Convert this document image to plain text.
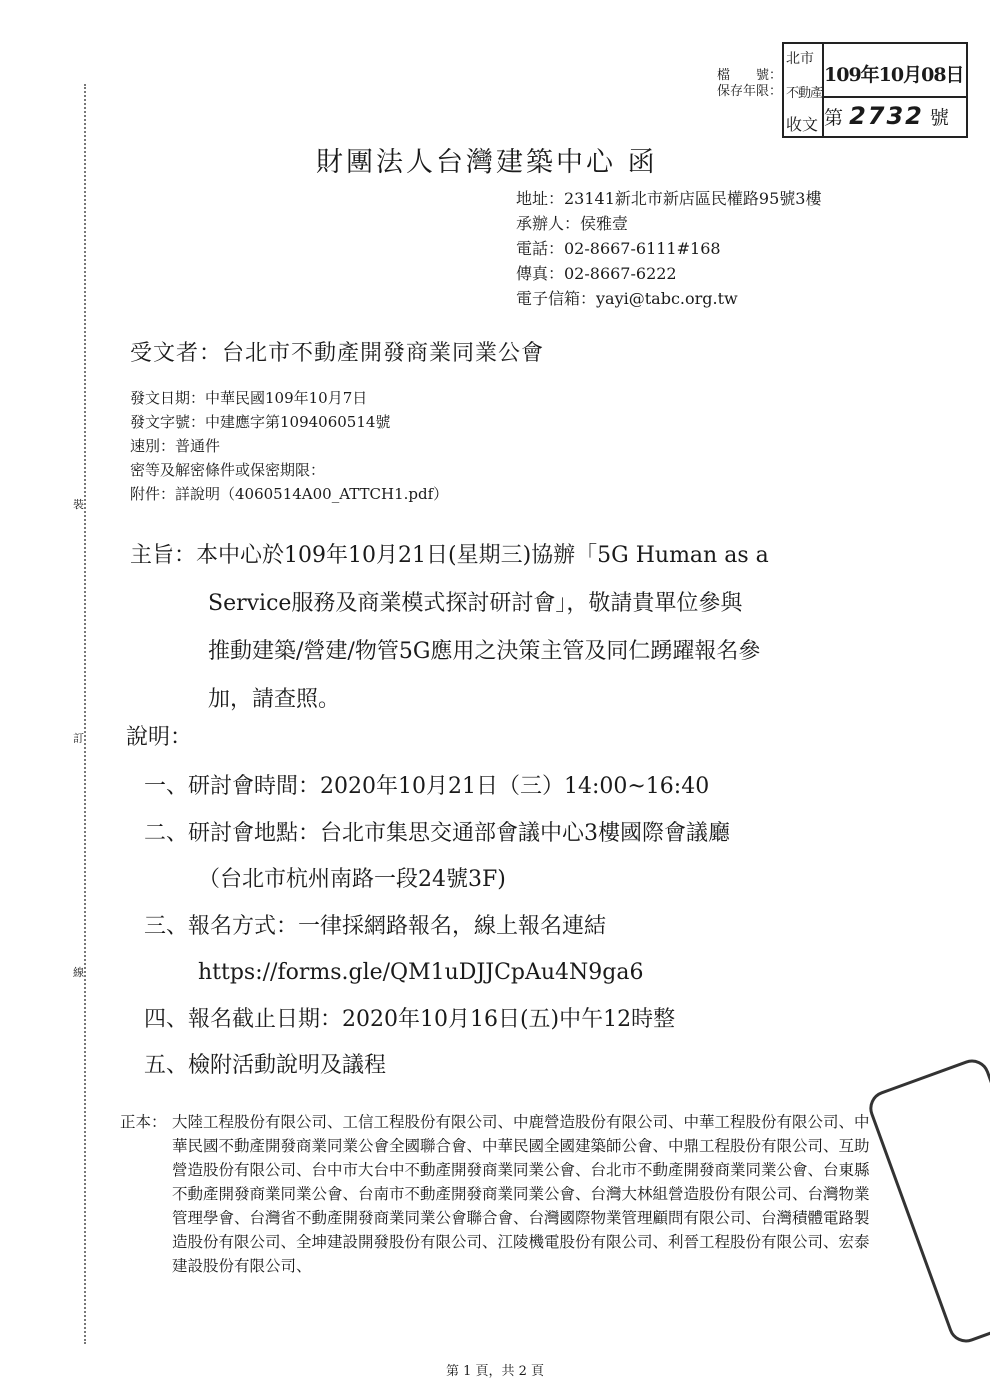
裝
訂
線
檔　　號：
保存年限：
北市
不動產
收文
109年10月08日
第 2732 號
財團法人台灣建築中心 函
地址：23141新北市新店區民權路95號3樓
承辦人：侯雅壹
電話：02-8667-6111#168
傳真：02-8667-6222
電子信箱：yayi@tabc.org.tw
受文者：台北市不動產開發商業同業公會
發文日期：中華民國109年10月7日
發文字號：中建應字第1094060514號
速別：普通件
密等及解密條件或保密期限：
附件：詳說明（4060514A00_ATTCH1.pdf）
主旨：本中心於109年10月21日(星期三)協辦「5G Human as a
Service服務及商業模式探討研討會」，敬請貴單位參與
推動建築/營建/物管5G應用之決策主管及同仁踴躍報名參
加，請查照。
說明：
一、研討會時間：2020年10月21日（三）14:00~16:40
二、研討會地點：台北市集思交通部會議中心3樓國際會議廳
（台北市杭州南路一段24號3F)
三、報名方式：一律採網路報名，線上報名連結
https://forms.gle/QM1uDJJCpAu4N9ga6
四、報名截止日期：2020年10月16日(五)中午12時整
五、檢附活動說明及議程
正本： 大陸工程股份有限公司、工信工程股份有限公司、中鹿營造股份有限公司、中華工程股份有限公司、中華民國不動產開發商業同業公會全國聯合會、中華民國全國建築師公會、中鼎工程股份有限公司、互助營造股份有限公司、台中市大台中不動產開發商業同業公會、台北市不動產開發商業同業公會、台東縣不動產開發商業同業公會、台南市不動產開發商業同業公會、台灣大林組營造股份有限公司、台灣物業管理學會、台灣省不動產開發商業同業公會聯合會、台灣國際物業管理顧問有限公司、台灣積體電路製造股份有限公司、全坤建設開發股份有限公司、江陵機電股份有限公司、利晉工程股份有限公司、宏泰建設股份有限公司、
第 1 頁，共 2 頁
